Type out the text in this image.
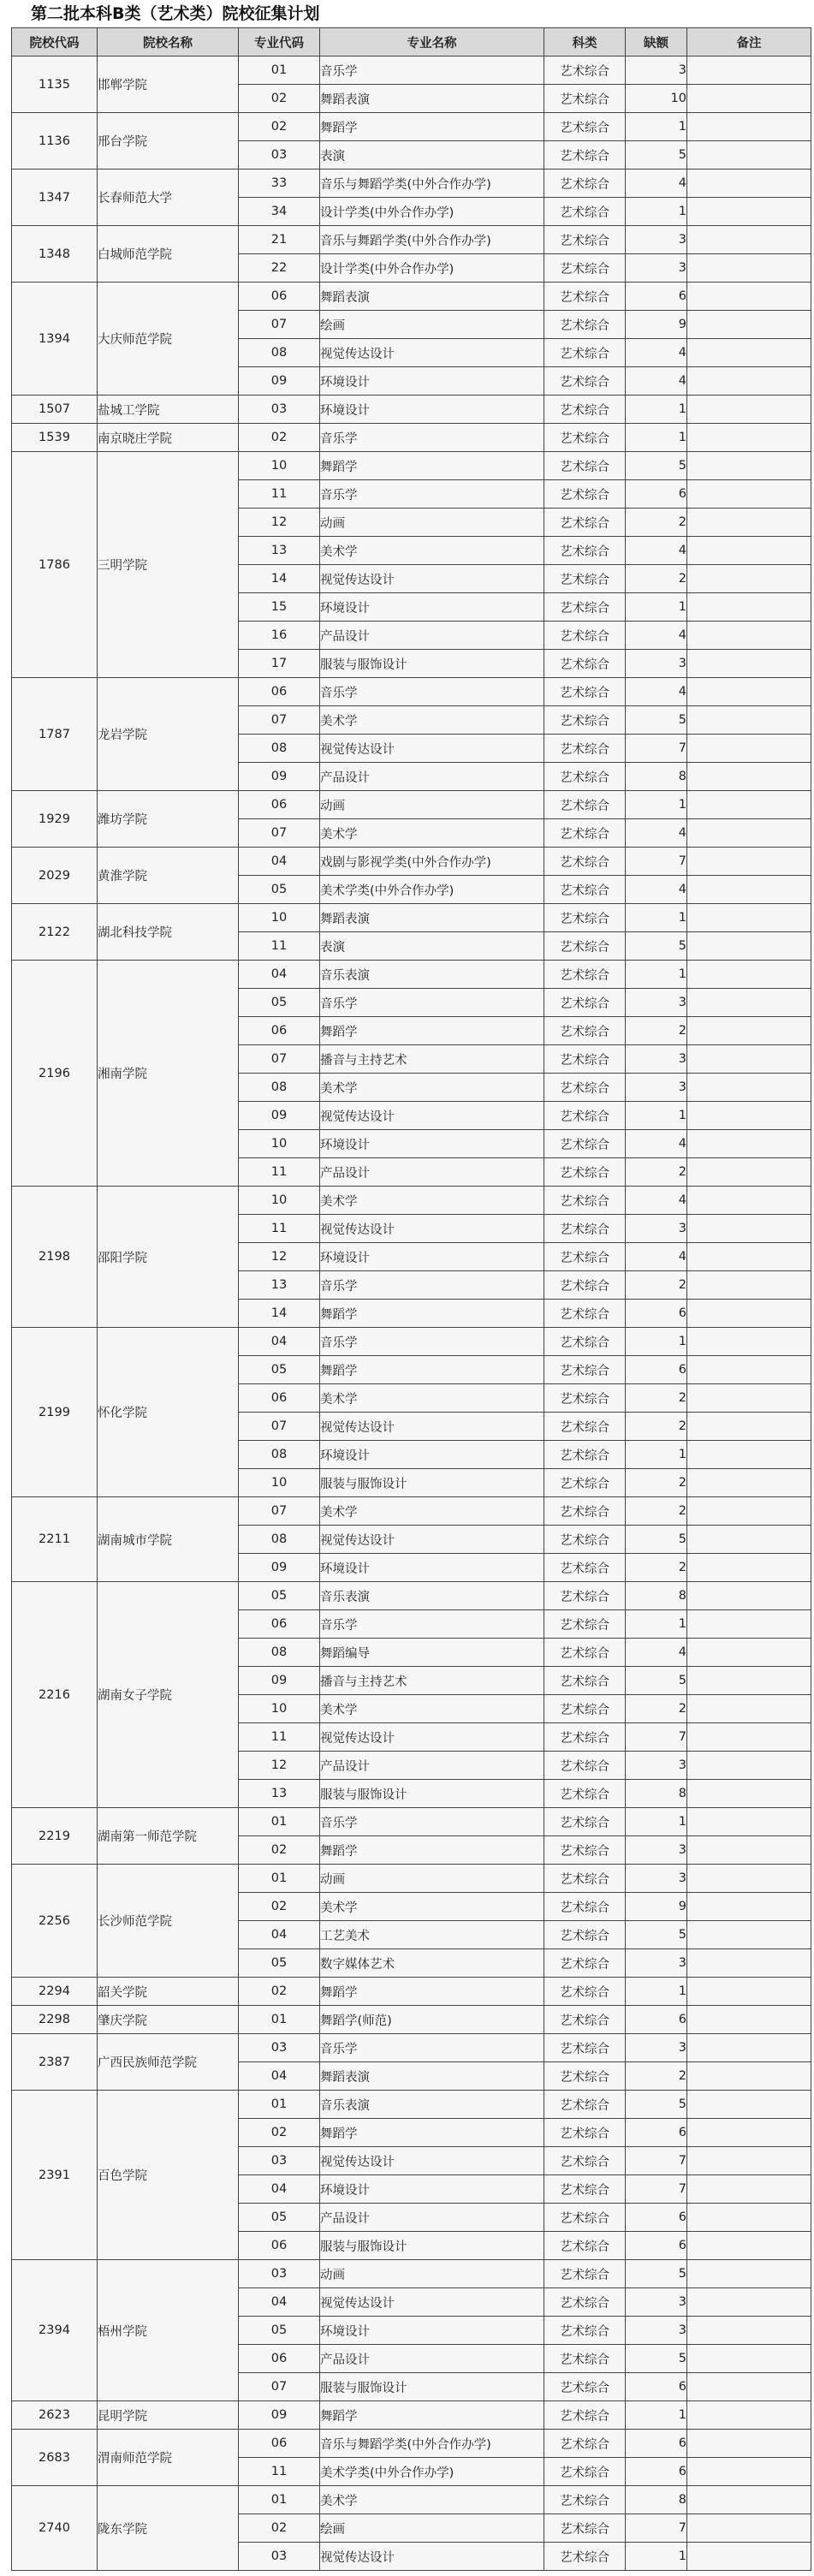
第二批本科B类（艺术类）院校征集计划
院校代码	院校名称	专业代码	专业名称	科类	缺额	备注
1135	邯郸学院	01	音乐学	艺术综合	3	
		02	舞蹈表演	艺术综合	10	
1136	邢台学院	02	舞蹈学	艺术综合	1	
		03	表演	艺术综合	5	
1347	长春师范大学	33	音乐与舞蹈学类(中外合作办学)	艺术综合	4	
		34	设计学类(中外合作办学)	艺术综合	1	
1348	白城师范学院	21	音乐与舞蹈学类(中外合作办学)	艺术综合	3	
		22	设计学类(中外合作办学)	艺术综合	3	
1394	大庆师范学院	06	舞蹈表演	艺术综合	6	
		07	绘画	艺术综合	9	
		08	视觉传达设计	艺术综合	4	
		09	环境设计	艺术综合	4	
1507	盐城工学院	03	环境设计	艺术综合	1	
1539	南京晓庄学院	02	音乐学	艺术综合	1	
1786	三明学院	10	舞蹈学	艺术综合	5	
		11	音乐学	艺术综合	6	
		12	动画	艺术综合	2	
		13	美术学	艺术综合	4	
		14	视觉传达设计	艺术综合	2	
		15	环境设计	艺术综合	1	
		16	产品设计	艺术综合	4	
		17	服装与服饰设计	艺术综合	3	
1787	龙岩学院	06	音乐学	艺术综合	4	
		07	美术学	艺术综合	5	
		08	视觉传达设计	艺术综合	7	
		09	产品设计	艺术综合	8	
1929	潍坊学院	06	动画	艺术综合	1	
		07	美术学	艺术综合	4	
2029	黄淮学院	04	戏剧与影视学类(中外合作办学)	艺术综合	7	
		05	美术学类(中外合作办学)	艺术综合	4	
2122	湖北科技学院	10	舞蹈表演	艺术综合	1	
		11	表演	艺术综合	5	
2196	湘南学院	04	音乐表演	艺术综合	1	
		05	音乐学	艺术综合	3	
		06	舞蹈学	艺术综合	2	
		07	播音与主持艺术	艺术综合	3	
		08	美术学	艺术综合	3	
		09	视觉传达设计	艺术综合	1	
		10	环境设计	艺术综合	4	
		11	产品设计	艺术综合	2	
2198	邵阳学院	10	美术学	艺术综合	4	
		11	视觉传达设计	艺术综合	3	
		12	环境设计	艺术综合	4	
		13	音乐学	艺术综合	2	
		14	舞蹈学	艺术综合	6	
2199	怀化学院	04	音乐学	艺术综合	1	
		05	舞蹈学	艺术综合	6	
		06	美术学	艺术综合	2	
		07	视觉传达设计	艺术综合	2	
		08	环境设计	艺术综合	1	
		10	服装与服饰设计	艺术综合	2	
2211	湖南城市学院	07	美术学	艺术综合	2	
		08	视觉传达设计	艺术综合	5	
		09	环境设计	艺术综合	2	
2216	湖南女子学院	05	音乐表演	艺术综合	8	
		06	音乐学	艺术综合	1	
		08	舞蹈编导	艺术综合	4	
		09	播音与主持艺术	艺术综合	5	
		10	美术学	艺术综合	2	
		11	视觉传达设计	艺术综合	7	
		12	产品设计	艺术综合	3	
		13	服装与服饰设计	艺术综合	8	
2219	湖南第一师范学院	01	音乐学	艺术综合	1	
		02	舞蹈学	艺术综合	3	
2256	长沙师范学院	01	动画	艺术综合	3	
		02	美术学	艺术综合	9	
		04	工艺美术	艺术综合	5	
		05	数字媒体艺术	艺术综合	3	
2294	韶关学院	02	舞蹈学	艺术综合	1	
2298	肇庆学院	01	舞蹈学(师范)	艺术综合	6	
2387	广西民族师范学院	03	音乐学	艺术综合	3	
		04	舞蹈表演	艺术综合	2	
2391	百色学院	01	音乐表演	艺术综合	5	
		02	舞蹈学	艺术综合	6	
		03	视觉传达设计	艺术综合	7	
		04	环境设计	艺术综合	7	
		05	产品设计	艺术综合	6	
		06	服装与服饰设计	艺术综合	6	
2394	梧州学院	03	动画	艺术综合	5	
		04	视觉传达设计	艺术综合	3	
		05	环境设计	艺术综合	3	
		06	产品设计	艺术综合	5	
		07	服装与服饰设计	艺术综合	6	
2623	昆明学院	09	舞蹈学	艺术综合	1	
2683	渭南师范学院	06	音乐与舞蹈学类(中外合作办学)	艺术综合	6	
		11	美术学类(中外合作办学)	艺术综合	6	
2740	陇东学院	01	美术学	艺术综合	8	
		02	绘画	艺术综合	7	
		03	视觉传达设计	艺术综合	1	
